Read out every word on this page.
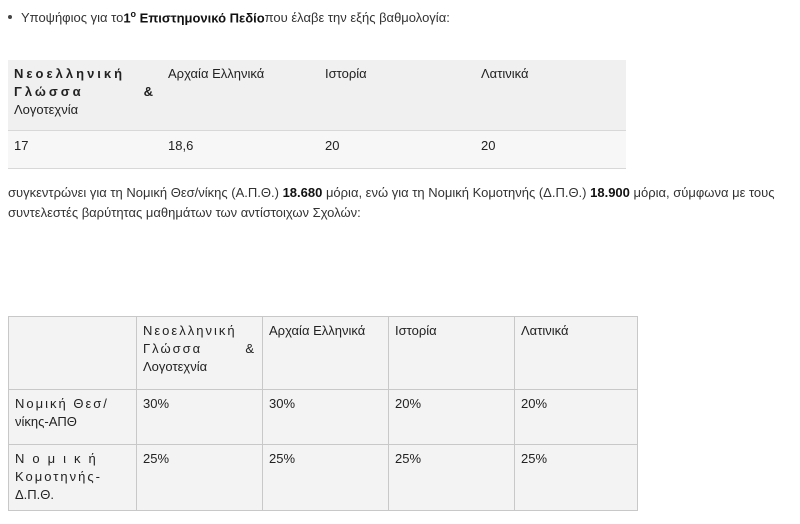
Υποψήφιος για το $1^o$ Επιστημονικό Πεδίο που έλαβε την εξής βαθμολογία:
Νεοελληνική
Γλώσσα &
Λογοτεχνία	Αρχαία Ελληνικά	Ιστορία	Λατινικά
17	18,6	20	20
συγκεντρώνει για τη Νομική Θεσ/νίκης (Α.Π.Θ.) 18.680 μόρια, ενώ για τη Νομική Κομοτηνής (Δ.Π.Θ.) 18.900 μόρια, σύμφωνα με τους συντελεστές βαρύτητας μαθημάτων των αντίστοιχων Σχολών:

	Νεοελληνική
Γλώσσα &
Λογοτεχνία	Αρχαία Ελληνικά	Ιστορία	Λατινικά

Νομική Θεσ/
νίκης-ΑΠΘ	30%	30%	20%	20%

Νομική
Κομοτηνής-
Δ.Π.Θ.	25%	25%	25%	25%
